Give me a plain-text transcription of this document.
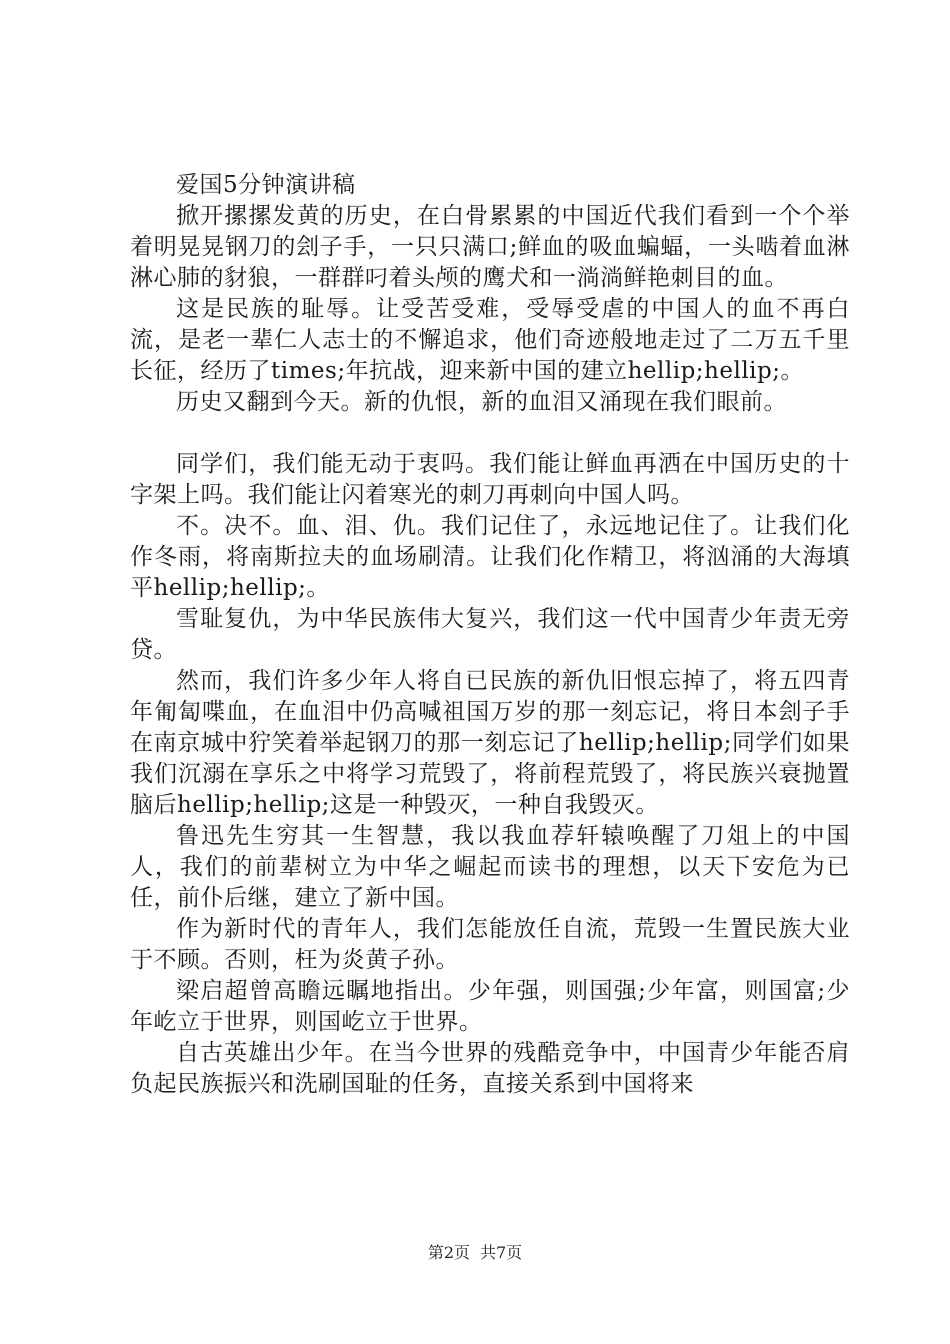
爱国5分钟演讲稿

掀开摞摞发黄的历史，在白骨累累的中国近代我们看到一个个举着明晃晃钢刀的刽子手，一只只满口;鲜血的吸血蝙蝠，一头啮着血淋淋心肺的豺狼，一群群叼着头颅的鹰犬和一淌淌鲜艳刺目的血。

这是民族的耻辱。让受苦受难，受辱受虐的中国人的血不再白流，是老一辈仁人志士的不懈追求，他们奇迹般地走过了二万五千里长征，经历了times;年抗战，迎来新中国的建立hellip;hellip;。

历史又翻到今天。新的仇恨，新的血泪又涌现在我们眼前。

同学们，我们能无动于衷吗。我们能让鲜血再洒在中国历史的十字架上吗。我们能让闪着寒光的刺刀再刺向中国人吗。

不。决不。血、泪、仇。我们记住了，永远地记住了。让我们化作冬雨，将南斯拉夫的血场刷清。让我们化作精卫，将汹涌的大海填平hellip;hellip;。

雪耻复仇，为中华民族伟大复兴，我们这一代中国青少年责无旁贷。

然而，我们许多少年人将自已民族的新仇旧恨忘掉了，将五四青年匍匐喋血，在血泪中仍高喊祖国万岁的那一刻忘记，将日本刽子手在南京城中狞笑着举起钢刀的那一刻忘记了hellip;hellip;同学们如果我们沉溺在享乐之中将学习荒毁了，将前程荒毁了，将民族兴衰抛置脑后hellip;hellip;这是一种毁灭，一种自我毁灭。

鲁迅先生穷其一生智慧，我以我血荐轩辕唤醒了刀俎上的中国人，我们的前辈树立为中华之崛起而读书的理想，以天下安危为已任，前仆后继，建立了新中国。

作为新时代的青年人，我们怎能放任自流，荒毁一生置民族大业于不顾。否则，枉为炎黄子孙。

梁启超曾高瞻远瞩地指出。少年强，则国强;少年富，则国富;少年屹立于世界，则国屹立于世界。

自古英雄出少年。在当今世界的残酷竞争中，中国青少年能否肩负起民族振兴和洗刷国耻的任务，直接关系到中国将来

第2页 共7页
